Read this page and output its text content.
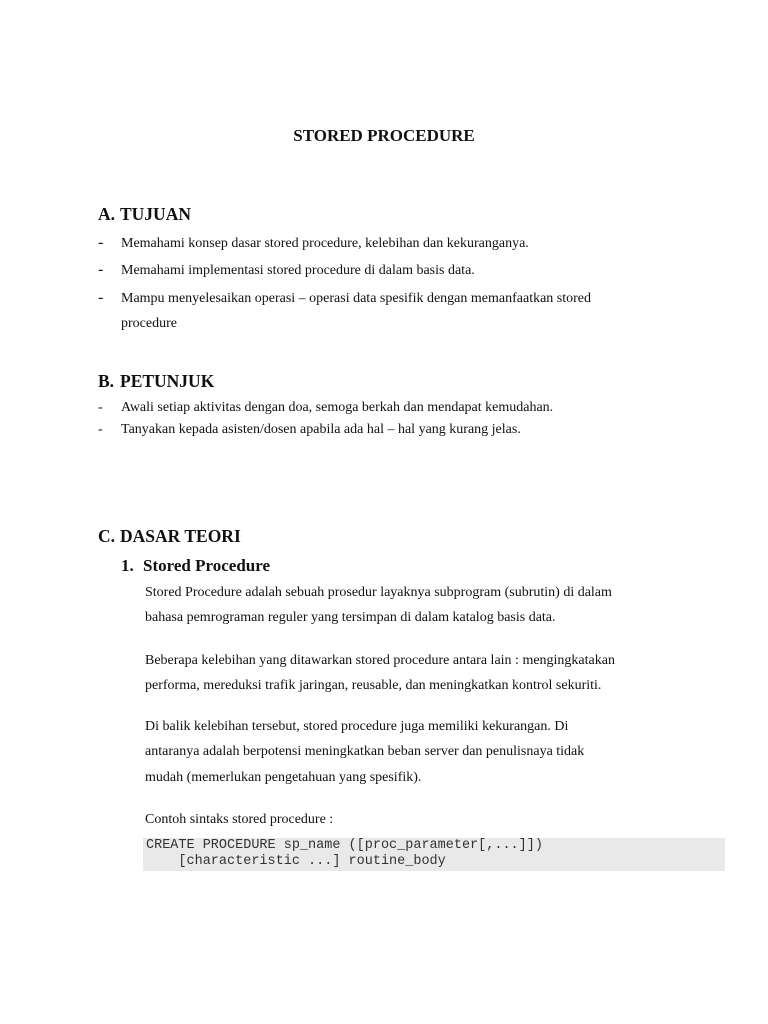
STORED PROCEDURE
A. TUJUAN
- Memahami konsep dasar stored procedure, kelebihan dan kekuranganya.
- Memahami implementasi stored procedure di dalam basis data.
- Mampu menyelesaikan operasi – operasi data spesifik dengan memanfaatkan stored
procedure
B. PETUNJUK
- Awali setiap aktivitas dengan doa, semoga berkah dan mendapat kemudahan.
- Tanyakan kepada asisten/dosen apabila ada hal – hal yang kurang jelas.
C. DASAR TEORI
1. Stored Procedure
Stored Procedure adalah sebuah prosedur layaknya subprogram (subrutin) di dalam
bahasa pemrograman reguler yang tersimpan di dalam katalog basis data.
Beberapa kelebihan yang ditawarkan stored procedure antara lain : mengingkatakan
performa, mereduksi trafik jaringan, reusable, dan meningkatkan kontrol sekuriti.
Di balik kelebihan tersebut, stored procedure juga memiliki kekurangan. Di
antaranya adalah berpotensi meningkatkan beban server dan penulisnaya tidak
mudah (memerlukan pengetahuan yang spesifik).
Contoh sintaks stored procedure :
CREATE PROCEDURE sp_name ([proc_parameter[,...]])
[characteristic ...] routine_body
